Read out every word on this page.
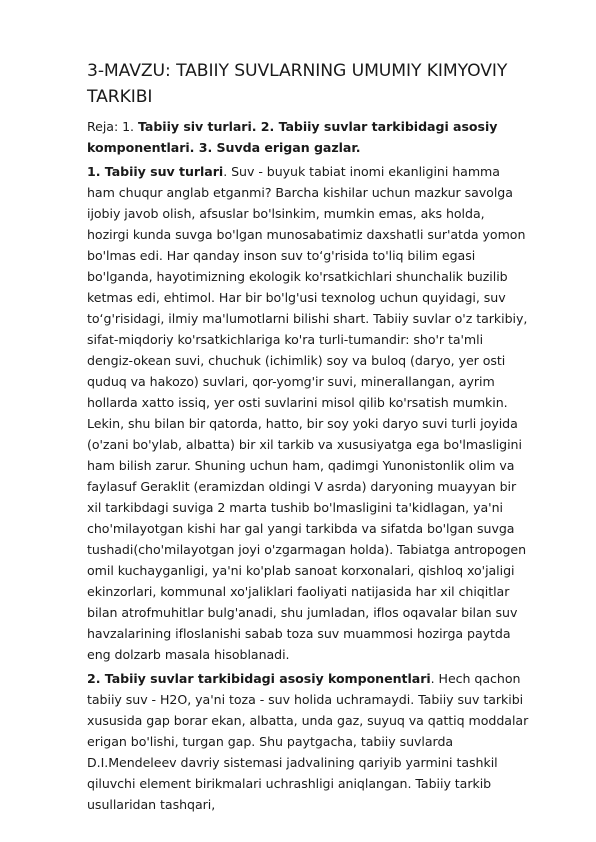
3-MAVZU: TABIIY SUVLARNING UMUMIY KIMYOVIY TARKIBI

Reja: 1. Tabiiy siv turlari. 2. Tabiiy suvlar tarkibidagi asosiy komponentlari. 3. Suvda erigan gazlar.

1. Tabiiy suv turlari. Suv - buyuk tabiat inomi ekanligini hamma ham chuqur anglab etganmi? Barcha kishilar uchun mazkur savolga ijobiy javob olish, afsuslar bo'lsinkim, mumkin emas, aks holda, hozirgi kunda suvga bo'lgan munosabatimiz daxshatli sur'atda yomon bo'lmas edi. Har qanday inson suv to‘g'risida to'liq bilim egasi bo'lganda, hayotimizning ekologik ko'rsatkichlari shunchalik buzilib ketmas edi, ehtimol. Har bir bo'lg'usi texnolog uchun quyidagi, suv to‘g'risidagi, ilmiy ma'lumotlarni bilishi shart. Tabiiy suvlar o'z tarkibiy, sifat-miqdoriy ko'rsatkichlariga ko'ra turli-tumandir: sho'r ta'mli dengiz-okean suvi, chuchuk (ichimlik) soy va buloq (daryo, yer osti quduq va hakozo) suvlari, qor-yomg'ir suvi, minerallangan, ayrim hollarda xatto issiq, yer osti suvlarini misol qilib ko'rsatish mumkin. Lekin, shu bilan bir qatorda, hatto, bir soy yoki daryo suvi turli joyida (o'zani bo'ylab, albatta) bir xil tarkib va xususiyatga ega bo'lmasligini ham bilish zarur. Shuning uchun ham, qadimgi Yunonistonlik olim va faylasuf Geraklit (eramizdan oldingi V asrda) daryoning muayyan bir xil tarkibdagi suviga 2 marta tushib bo'lmasligini ta'kidlagan, ya'ni cho'milayotgan kishi har gal yangi tarkibda va sifatda bo'lgan suvga tushadi(cho'milayotgan joyi o'zgarmagan holda). Tabiatga antropogen omil kuchayganligi, ya'ni ko'plab sanoat korxonalari, qishloq xo'jaligi ekinzorlari, kommunal xo'jaliklari faoliyati natijasida har xil chiqitlar bilan atrofmuhitlar bulg'anadi, shu jumladan, iflos oqavalar bilan suv havzalarining ifloslanishi sabab toza suv muammosi hozirga paytda eng dolzarb masala hisoblanadi.

2. Tabiiy suvlar tarkibidagi asosiy komponentlari. Hech qachon tabiiy suv - H2O, ya'ni toza - suv holida uchramaydi. Tabiiy suv tarkibi xususida gap borar ekan, albatta, unda gaz, suyuq va qattiq moddalar erigan bo'lishi, turgan gap. Shu paytgacha, tabiiy suvlarda D.I.Mendeleev davriy sistemasi jadvalining qariyib yarmini tashkil qiluvchi element birikmalari uchrashligi aniqlangan. Tabiiy tarkib usullaridan tashqari,
